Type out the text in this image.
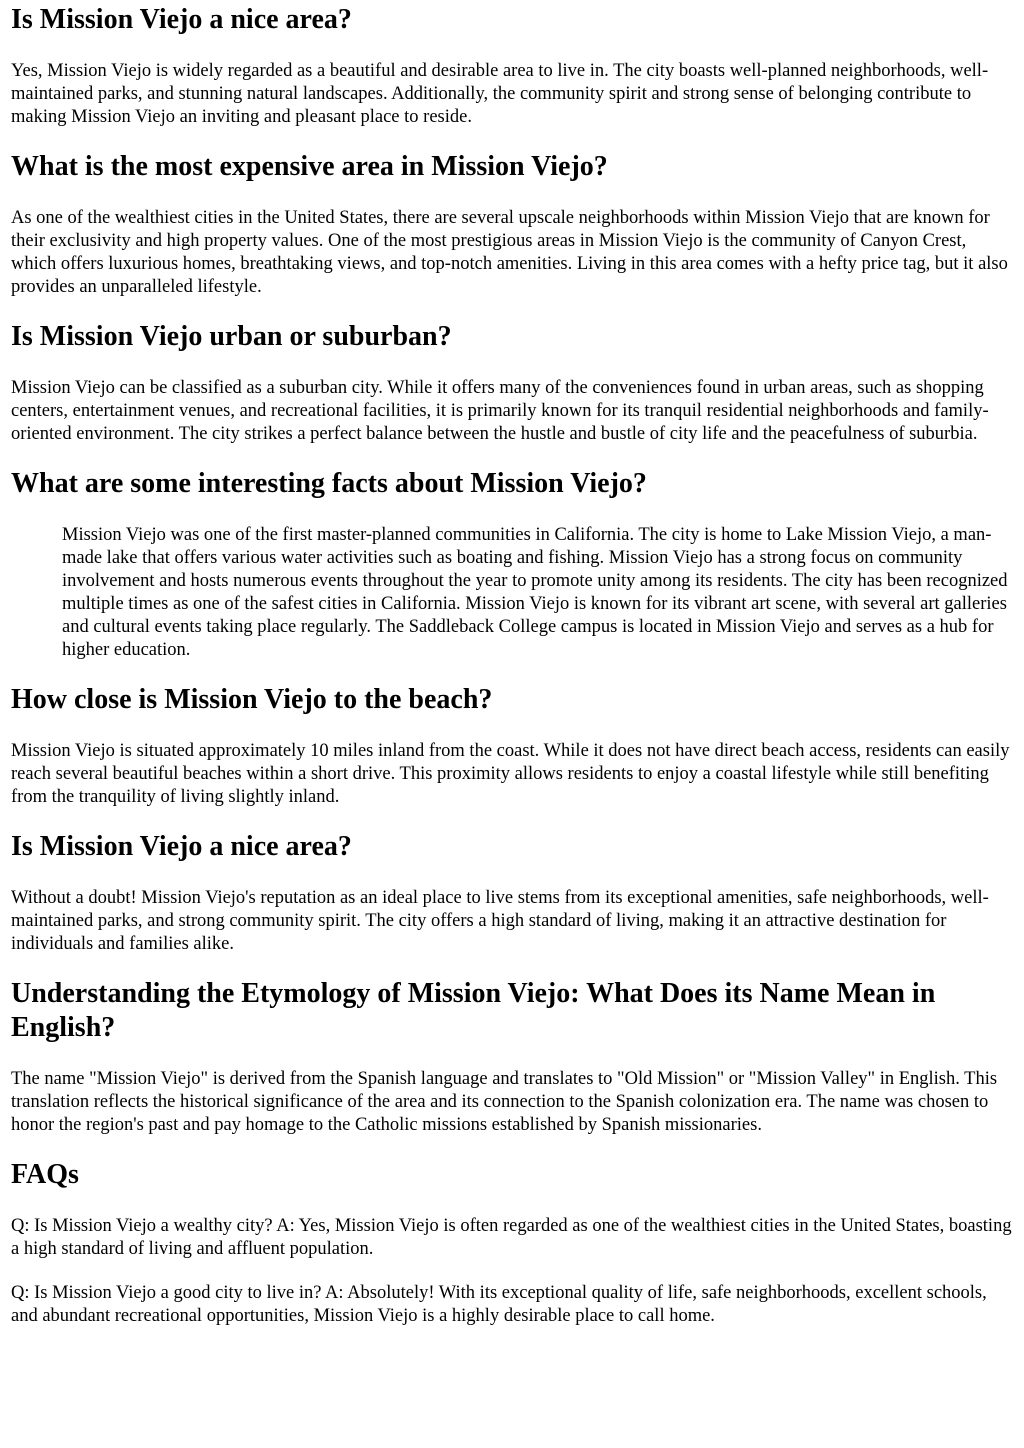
Is Mission Viejo a nice area?

Yes, Mission Viejo is widely regarded as a beautiful and desirable area to live in. The city boasts well-planned neighborhoods, well-maintained parks, and stunning natural landscapes. Additionally, the community spirit and strong sense of belonging contribute to making Mission Viejo an inviting and pleasant place to reside.

What is the most expensive area in Mission Viejo?

As one of the wealthiest cities in the United States, there are several upscale neighborhoods within Mission Viejo that are known for their exclusivity and high property values. One of the most prestigious areas in Mission Viejo is the community of Canyon Crest, which offers luxurious homes, breathtaking views, and top-notch amenities. Living in this area comes with a hefty price tag, but it also provides an unparalleled lifestyle.

Is Mission Viejo urban or suburban?

Mission Viejo can be classified as a suburban city. While it offers many of the conveniences found in urban areas, such as shopping centers, entertainment venues, and recreational facilities, it is primarily known for its tranquil residential neighborhoods and family-oriented environment. The city strikes a perfect balance between the hustle and bustle of city life and the peacefulness of suburbia.

What are some interesting facts about Mission Viejo?
Mission Viejo was one of the first master-planned communities in California. The city is home to Lake Mission Viejo, a man-made lake that offers various water activities such as boating and fishing. Mission Viejo has a strong focus on community involvement and hosts numerous events throughout the year to promote unity among its residents. The city has been recognized multiple times as one of the safest cities in California. Mission Viejo is known for its vibrant art scene, with several art galleries and cultural events taking place regularly. The Saddleback College campus is located in Mission Viejo and serves as a hub for higher education.
How close is Mission Viejo to the beach?

Mission Viejo is situated approximately 10 miles inland from the coast. While it does not have direct beach access, residents can easily reach several beautiful beaches within a short drive. This proximity allows residents to enjoy a coastal lifestyle while still benefiting from the tranquility of living slightly inland.

Is Mission Viejo a nice area?

Without a doubt! Mission Viejo's reputation as an ideal place to live stems from its exceptional amenities, safe neighborhoods, well-maintained parks, and strong community spirit. The city offers a high standard of living, making it an attractive destination for individuals and families alike.

Understanding the Etymology of Mission Viejo: What Does its Name Mean in English?

The name "Mission Viejo" is derived from the Spanish language and translates to "Old Mission" or "Mission Valley" in English. This translation reflects the historical significance of the area and its connection to the Spanish colonization era. The name was chosen to honor the region's past and pay homage to the Catholic missions established by Spanish missionaries.

FAQs

Q: Is Mission Viejo a wealthy city? A: Yes, Mission Viejo is often regarded as one of the wealthiest cities in the United States, boasting a high standard of living and affluent population.

Q: Is Mission Viejo a good city to live in? A: Absolutely! With its exceptional quality of life, safe neighborhoods, excellent schools, and abundant recreational opportunities, Mission Viejo is a highly desirable place to call home.
